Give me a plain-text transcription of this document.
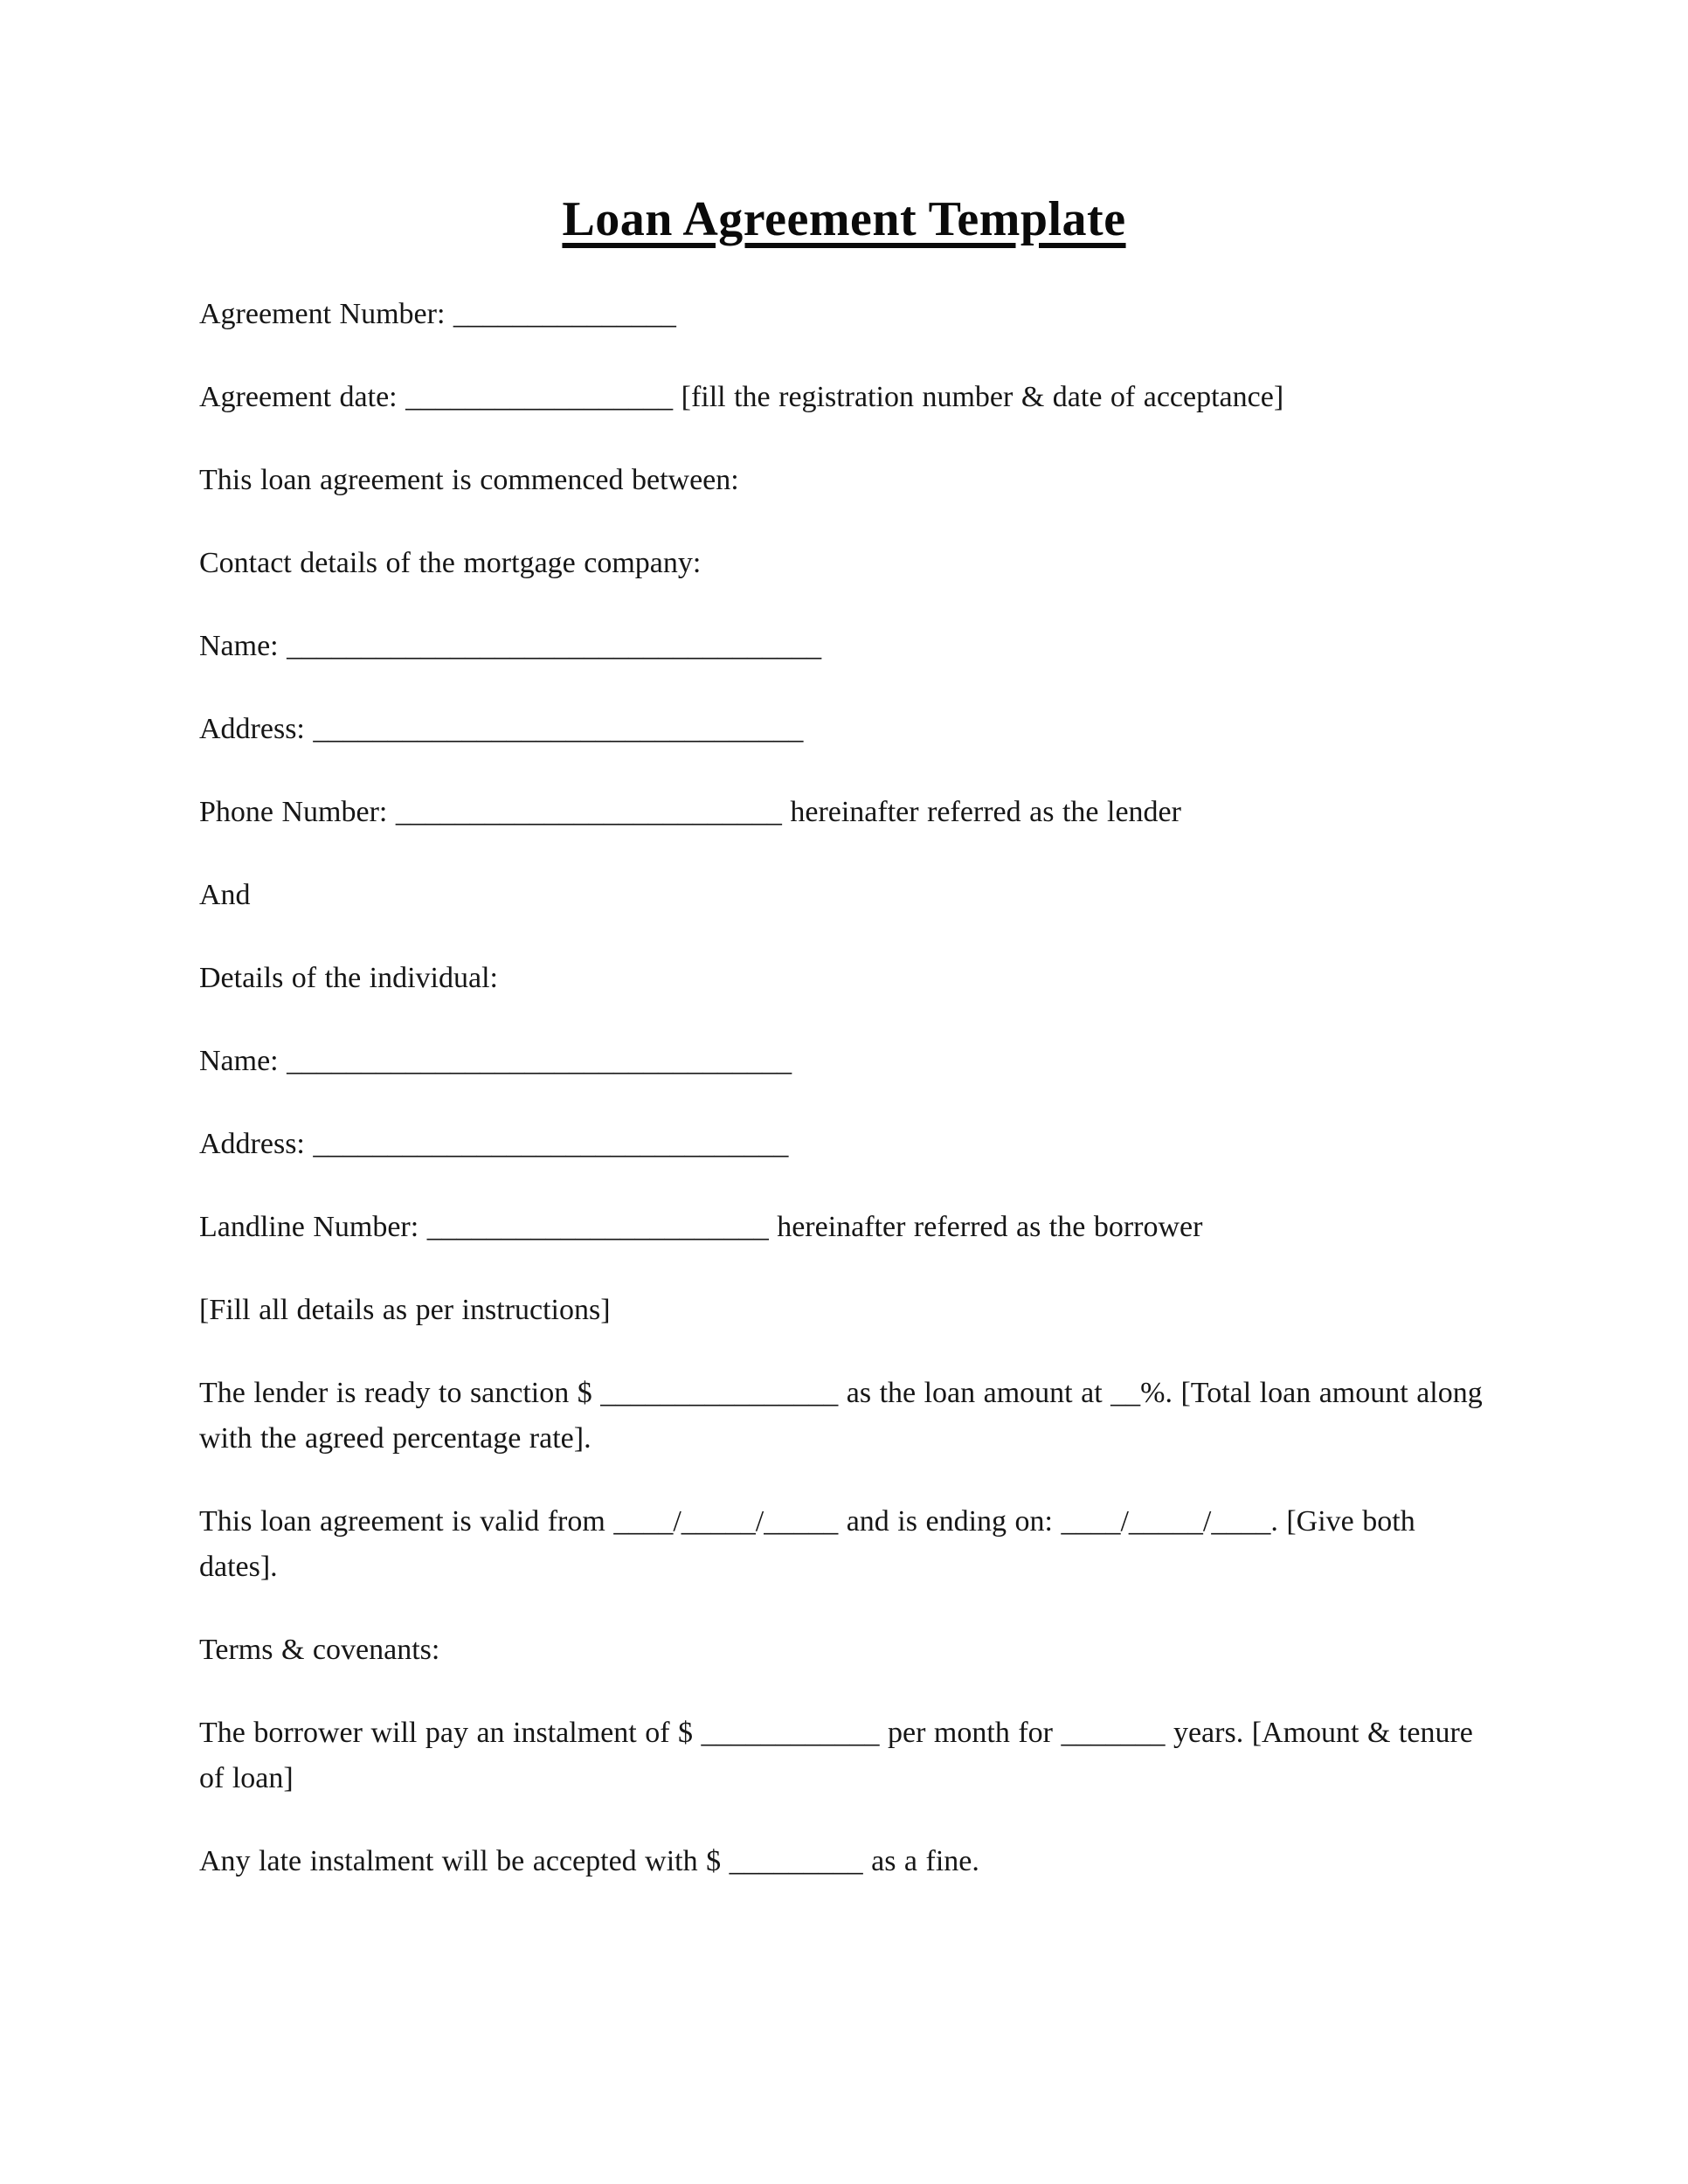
Loan Agreement Template

Agreement Number: _______________

Agreement date: __________________ [fill the registration number & date of acceptance]

This loan agreement is commenced between:

Contact details of the mortgage company:

Name: ____________________________________

Address: _________________________________

Phone Number: __________________________ hereinafter referred as the lender

And

Details of the individual:

Name: __________________________________

Address: ________________________________

Landline Number: _______________________ hereinafter referred as the borrower

[Fill all details as per instructions]

The lender is ready to sanction $ ________________ as the loan amount at __%. [Total loan amount along with the agreed percentage rate].

This loan agreement is valid from ____/_____/_____ and is ending on: ____/_____/____. [Give both dates].

Terms & covenants:

The borrower will pay an instalment of $ ____________ per month for _______ years. [Amount & tenure of loan]

Any late instalment will be accepted with $ _________ as a fine.
